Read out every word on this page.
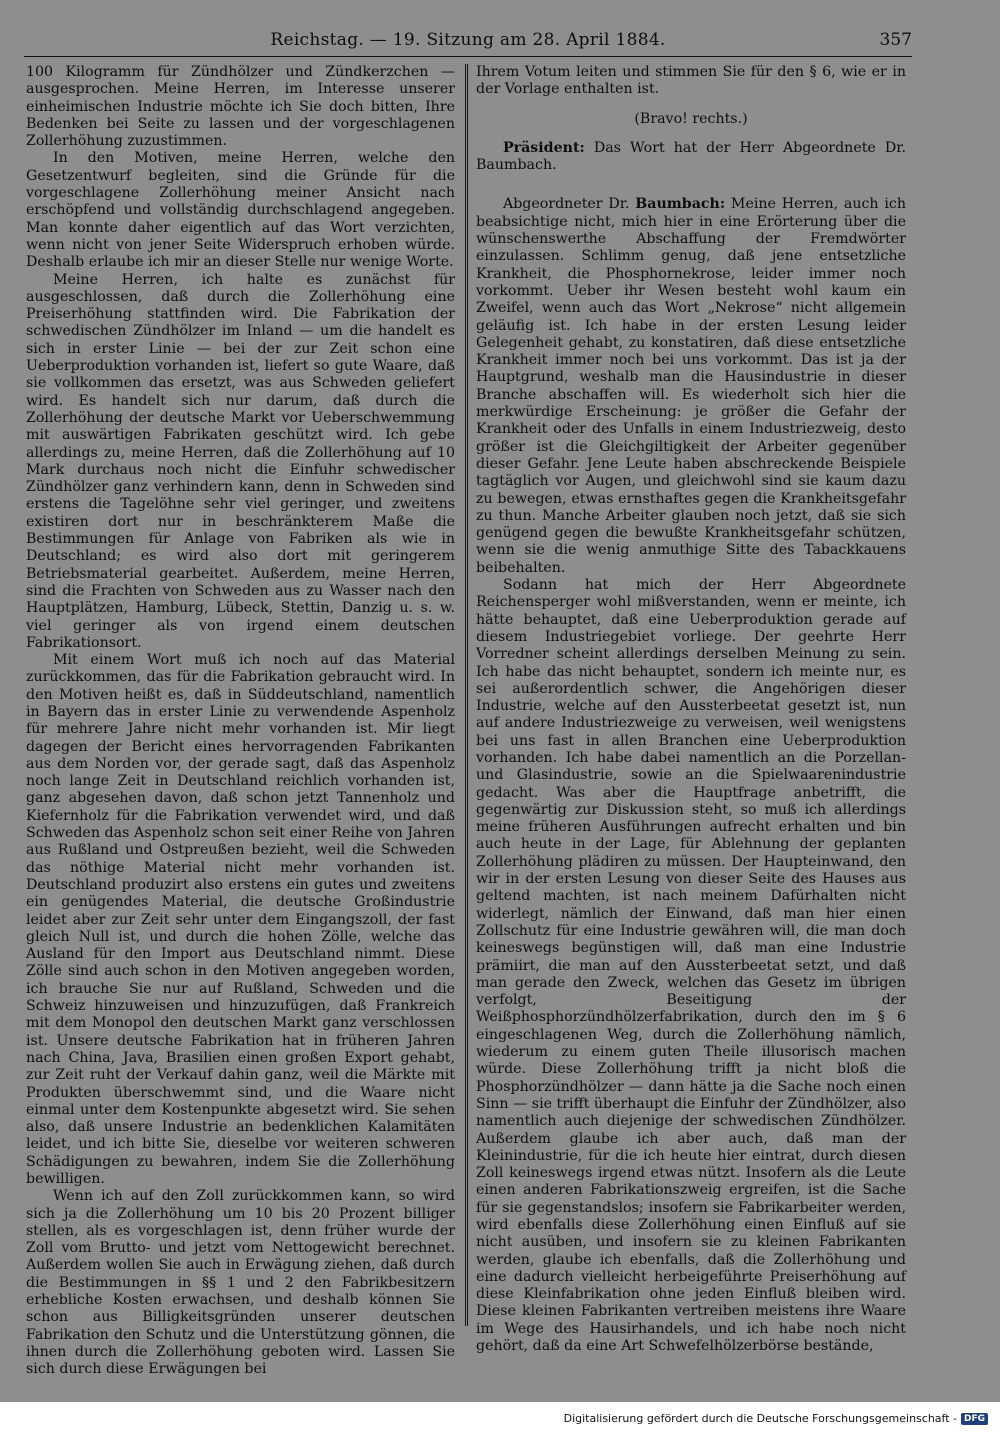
Reichstag. — 19. Sitzung am 28. April 1884.	357

100 Kilogramm für Zündhölzer und Zündkerzchen — ausgesprochen. Meine Herren, im Interesse unserer einheimischen Industrie möchte ich Sie doch bitten, Ihre Bedenken bei Seite zu lassen und der vorgeschlagenen Zollerhöhung zuzustimmen.

In den Motiven, meine Herren, welche den Gesetzentwurf begleiten, sind die Gründe für die vorgeschlagene Zollerhöhung meiner Ansicht nach erschöpfend und vollständig durchschlagend angegeben. Man konnte daher eigentlich auf das Wort verzichten, wenn nicht von jener Seite Widerspruch erhoben würde. Deshalb erlaube ich mir an dieser Stelle nur wenige Worte.

Meine Herren, ich halte es zunächst für ausgeschlossen, daß durch die Zollerhöhung eine Preiserhöhung stattfinden wird. Die Fabrikation der schwedischen Zündhölzer im Inland — um die handelt es sich in erster Linie — bei der zur Zeit schon eine Ueberproduktion vorhanden ist, liefert so gute Waare, daß sie vollkommen das ersetzt, was aus Schweden geliefert wird. Es handelt sich nur darum, daß durch die Zollerhöhung der deutsche Markt vor Ueberschwemmung mit auswärtigen Fabrikaten geschützt wird. Ich gebe allerdings zu, meine Herren, daß die Zollerhöhung auf 10 Mark durchaus noch nicht die Einfuhr schwedischer Zündhölzer ganz verhindern kann, denn in Schweden sind erstens die Tagelöhne sehr viel geringer, und zweitens existiren dort nur in beschränkterem Maße die Bestimmungen für Anlage von Fabriken als wie in Deutschland; es wird also dort mit geringerem Betriebsmaterial gearbeitet. Außerdem, meine Herren, sind die Frachten von Schweden aus zu Wasser nach den Hauptplätzen, Hamburg, Lübeck, Stettin, Danzig u. s. w. viel geringer als von irgend einem deutschen Fabrikationsort.

Mit einem Wort muß ich noch auf das Material zurückkommen, das für die Fabrikation gebraucht wird. In den Motiven heißt es, daß in Süddeutschland, namentlich in Bayern das in erster Linie zu verwendende Aspenholz für mehrere Jahre nicht mehr vorhanden ist. Mir liegt dagegen der Bericht eines hervorragenden Fabrikanten aus dem Norden vor, der gerade sagt, daß das Aspenholz noch lange Zeit in Deutschland reichlich vorhanden ist, ganz abgesehen davon, daß schon jetzt Tannenholz und Kiefernholz für die Fabrikation verwendet wird, und daß Schweden das Aspenholz schon seit einer Reihe von Jahren aus Rußland und Ostpreußen bezieht, weil die Schweden das nöthige Material nicht mehr vorhanden ist. Deutschland produzirt also erstens ein gutes und zweitens ein genügendes Material, die deutsche Großindustrie leidet aber zur Zeit sehr unter dem Eingangszoll, der fast gleich Null ist, und durch die hohen Zölle, welche das Ausland für den Import aus Deutschland nimmt. Diese Zölle sind auch schon in den Motiven angegeben worden, ich brauche Sie nur auf Rußland, Schweden und die Schweiz hinzuweisen und hinzuzufügen, daß Frankreich mit dem Monopol den deutschen Markt ganz verschlossen ist. Unsere deutsche Fabrikation hat in früheren Jahren nach China, Java, Brasilien einen großen Export gehabt, zur Zeit ruht der Verkauf dahin ganz, weil die Märkte mit Produkten überschwemmt sind, und die Waare nicht einmal unter dem Kostenpunkte abgesetzt wird. Sie sehen also, daß unsere Industrie an bedenklichen Kalamitäten leidet, und ich bitte Sie, dieselbe vor weiteren schweren Schädigungen zu bewahren, indem Sie die Zollerhöhung bewilligen.

Wenn ich auf den Zoll zurückkommen kann, so wird sich ja die Zollerhöhung um 10 bis 20 Prozent billiger stellen, als es vorgeschlagen ist, denn früher wurde der Zoll vom Brutto- und jetzt vom Nettogewicht berechnet. Außerdem wollen Sie auch in Erwägung ziehen, daß durch die Bestimmungen in §§ 1 und 2 den Fabrikbesitzern erhebliche Kosten erwachsen, und deshalb können Sie schon aus Billigkeitsgründen unserer deutschen Fabrikation den Schutz und die Unterstützung gönnen, die ihnen durch die Zollerhöhung geboten wird. Lassen Sie sich durch diese Erwägungen bei

Ihrem Votum leiten und stimmen Sie für den § 6, wie er in der Vorlage enthalten ist.

(Bravo! rechts.)

Präsident: Das Wort hat der Herr Abgeordnete Dr. Baumbach.

Abgeordneter Dr. Baumbach: Meine Herren, auch ich beabsichtige nicht, mich hier in eine Erörterung über die wünschenswerthe Abschaffung der Fremdwörter einzulassen. Schlimm genug, daß jene entsetzliche Krankheit, die Phosphornekrose, leider immer noch vorkommt. Ueber ihr Wesen besteht wohl kaum ein Zweifel, wenn auch das Wort „Nekrose“ nicht allgemein geläufig ist. Ich habe in der ersten Lesung leider Gelegenheit gehabt, zu konstatiren, daß diese entsetzliche Krankheit immer noch bei uns vorkommt. Das ist ja der Hauptgrund, weshalb man die Hausindustrie in dieser Branche abschaffen will. Es wiederholt sich hier die merkwürdige Erscheinung: je größer die Gefahr der Krankheit oder des Unfalls in einem Industriezweig, desto größer ist die Gleichgiltigkeit der Arbeiter gegenüber dieser Gefahr. Jene Leute haben abschreckende Beispiele tagtäglich vor Augen, und gleichwohl sind sie kaum dazu zu bewegen, etwas ernsthaftes gegen die Krankheitsgefahr zu thun. Manche Arbeiter glauben noch jetzt, daß sie sich genügend gegen die bewußte Krankheitsgefahr schützen, wenn sie die wenig anmuthige Sitte des Tabackkauens beibehalten.

Sodann hat mich der Herr Abgeordnete Reichensperger wohl mißverstanden, wenn er meinte, ich hätte behauptet, daß eine Ueberproduktion gerade auf diesem Industriegebiet vorliege. Der geehrte Herr Vorredner scheint allerdings derselben Meinung zu sein. Ich habe das nicht behauptet, sondern ich meinte nur, es sei außerordentlich schwer, die Angehörigen dieser Industrie, welche auf den Aussterbeetat gesetzt ist, nun auf andere Industriezweige zu verweisen, weil wenigstens bei uns fast in allen Branchen eine Ueberproduktion vorhanden. Ich habe dabei namentlich an die Porzellan- und Glasindustrie, sowie an die Spielwaarenindustrie gedacht. Was aber die Hauptfrage anbetrifft, die gegenwärtig zur Diskussion steht, so muß ich allerdings meine früheren Ausführungen aufrecht erhalten und bin auch heute in der Lage, für Ablehnung der geplanten Zollerhöhung plädiren zu müssen. Der Haupteinwand, den wir in der ersten Lesung von dieser Seite des Hauses aus geltend machten, ist nach meinem Dafürhalten nicht widerlegt, nämlich der Einwand, daß man hier einen Zollschutz für eine Industrie gewähren will, die man doch keineswegs begünstigen will, daß man eine Industrie prämiirt, die man auf den Aussterbeetat setzt, und daß man gerade den Zweck, welchen das Gesetz im übrigen verfolgt, Beseitigung der Weißphosphorzündhölzerfabrikation, durch den im § 6 eingeschlagenen Weg, durch die Zollerhöhung nämlich, wiederum zu einem guten Theile illusorisch machen würde. Diese Zollerhöhung trifft ja nicht bloß die Phosphorzündhölzer — dann hätte ja die Sache noch einen Sinn — sie trifft überhaupt die Einfuhr der Zündhölzer, also namentlich auch diejenige der schwedischen Zündhölzer. Außerdem glaube ich aber auch, daß man der Kleinindustrie, für die ich heute hier eintrat, durch diesen Zoll keineswegs irgend etwas nützt. Insofern als die Leute einen anderen Fabrikationszweig ergreifen, ist die Sache für sie gegenstandslos; insofern sie Fabrikarbeiter werden, wird ebenfalls diese Zollerhöhung einen Einfluß auf sie nicht ausüben, und insofern sie zu kleinen Fabrikanten werden, glaube ich ebenfalls, daß die Zollerhöhung und eine dadurch vielleicht herbeigeführte Preiserhöhung auf diese Kleinfabrikation ohne jeden Einfluß bleiben wird. Diese kleinen Fabrikanten vertreiben meistens ihre Waare im Wege des Hausirhandels, und ich habe noch nicht gehört, daß da eine Art Schwefelhölzerbörse bestände,

Digitalisierung gefördert durch die Deutsche Forschungsgemeinschaft - DFG
